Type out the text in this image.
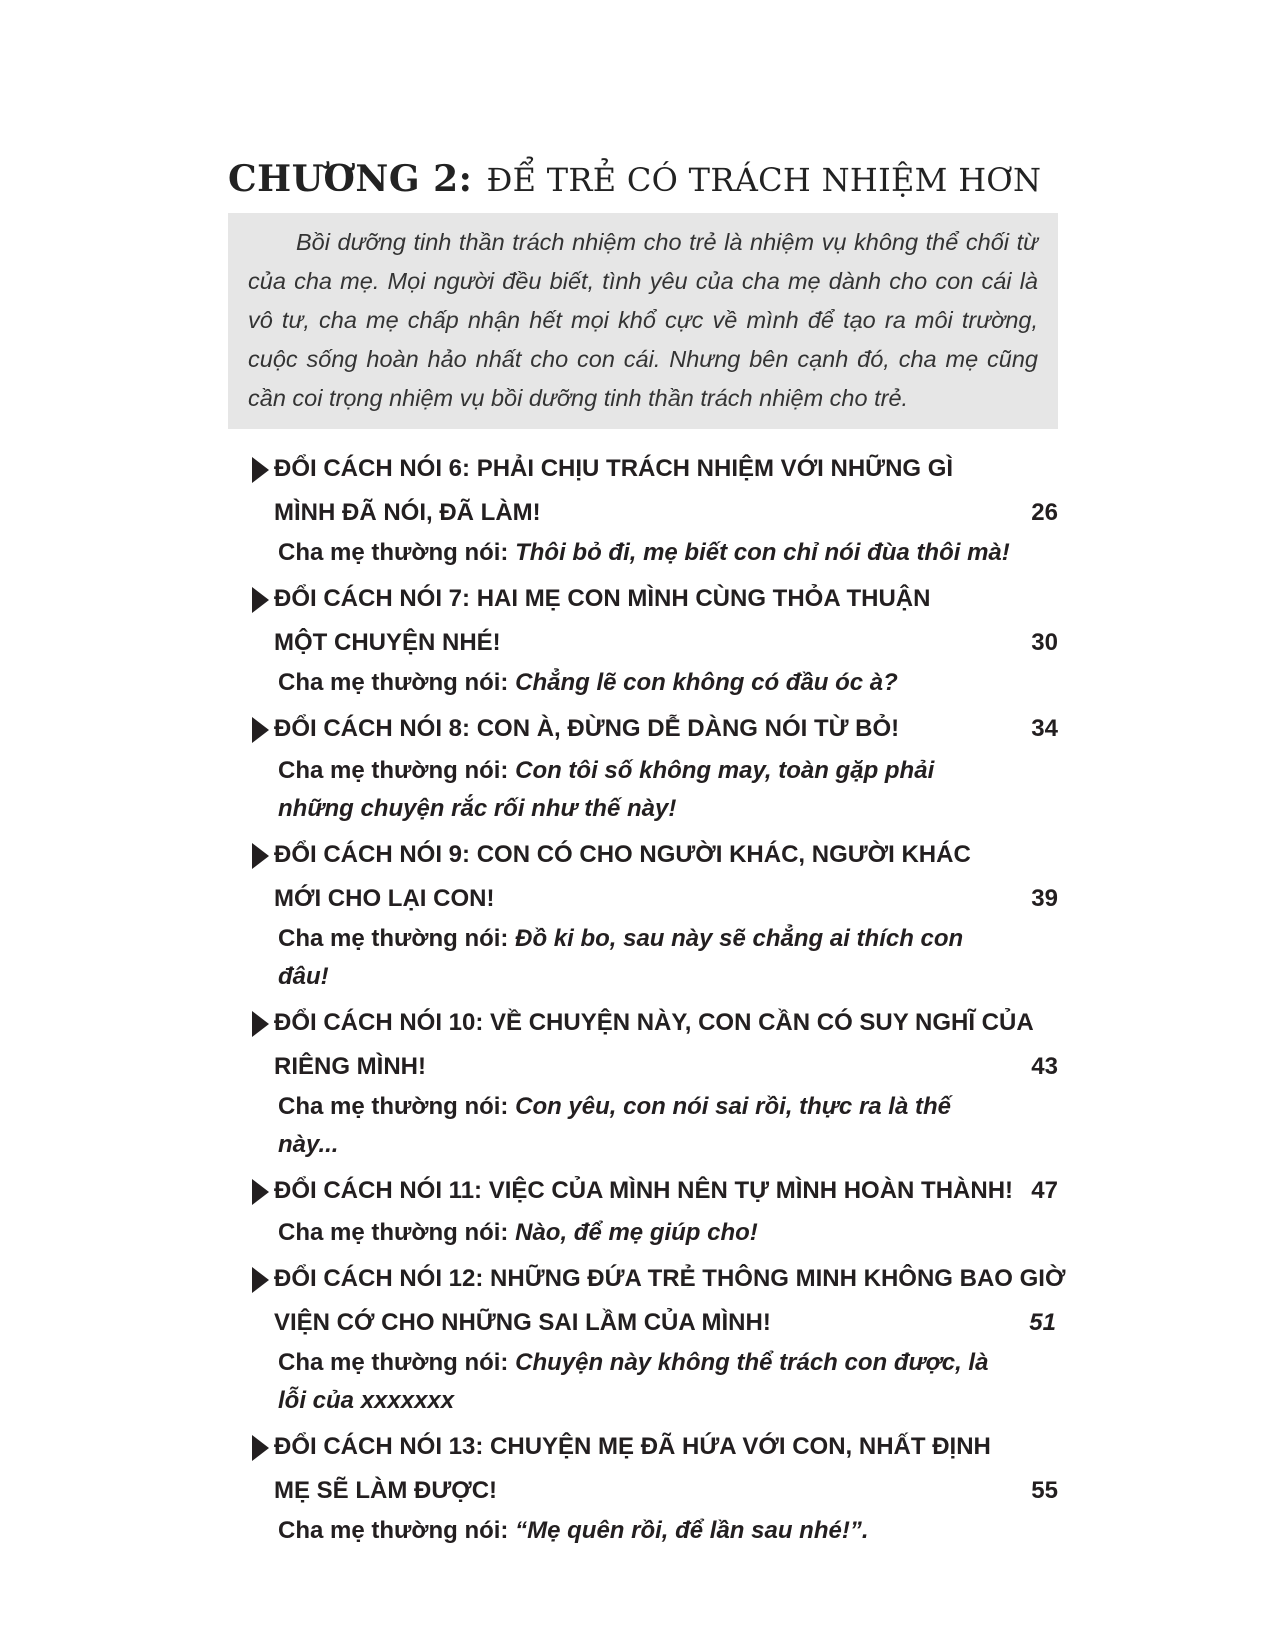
CHƯƠNG 2: ĐỂ TRẺ CÓ TRÁCH NHIỆM HƠN

Bồi dưỡng tinh thần trách nhiệm cho trẻ là nhiệm vụ không thể chối từ của cha mẹ. Mọi người đều biết, tình yêu của cha mẹ dành cho con cái là vô tư, cha mẹ chấp nhận hết mọi khổ cực về mình để tạo ra môi trường, cuộc sống hoàn hảo nhất cho con cái. Nhưng bên cạnh đó, cha mẹ cũng cần coi trọng nhiệm vụ bồi dưỡng tinh thần trách nhiệm cho trẻ.

ĐỔI CÁCH NÓI 6: PHẢI CHỊU TRÁCH NHIỆM VỚI NHỮNG GÌ
MÌNH ĐÃ NÓI, ĐÃ LÀM!	26
Cha mẹ thường nói: Thôi bỏ đi, mẹ biết con chỉ nói đùa thôi mà!
ĐỔI CÁCH NÓI 7: HAI MẸ CON MÌNH CÙNG THỎA THUẬN
MỘT CHUYỆN NHÉ!	30
Cha mẹ thường nói: Chẳng lẽ con không có đầu óc à?
ĐỔI CÁCH NÓI 8: CON À, ĐỪNG DỄ DÀNG NÓI TỪ BỎ!	34
Cha mẹ thường nói: Con tôi số không may, toàn gặp phải những chuyện rắc rối như thế này!
ĐỔI CÁCH NÓI 9: CON CÓ CHO NGƯỜI KHÁC, NGƯỜI KHÁC
MỚI CHO LẠI CON!	39
Cha mẹ thường nói: Đồ ki bo, sau này sẽ chẳng ai thích con đâu!
ĐỔI CÁCH NÓI 10: VỀ CHUYỆN NÀY, CON CẦN CÓ SUY NGHĨ CỦA
RIÊNG MÌNH!	43
Cha mẹ thường nói: Con yêu, con nói sai rồi, thực ra là thế này...
ĐỔI CÁCH NÓI 11: VIỆC CỦA MÌNH NÊN TỰ MÌNH HOÀN THÀNH! 47
Cha mẹ thường nói: Nào, để mẹ giúp cho!
ĐỔI CÁCH NÓI 12: NHỮNG ĐỨA TRẺ THÔNG MINH KHÔNG BAO GIỜ
VIỆN CỚ CHO NHỮNG SAI LẦM CỦA MÌNH!	51
Cha mẹ thường nói: Chuyện này không thể trách con được, là lỗi của xxxxxxx
ĐỔI CÁCH NÓI 13: CHUYỆN MẸ ĐÃ HỨA VỚI CON, NHẤT ĐỊNH
MẸ SẼ LÀM ĐƯỢC!	55
Cha mẹ thường nói: “Mẹ quên rồi, để lần sau nhé!”.
